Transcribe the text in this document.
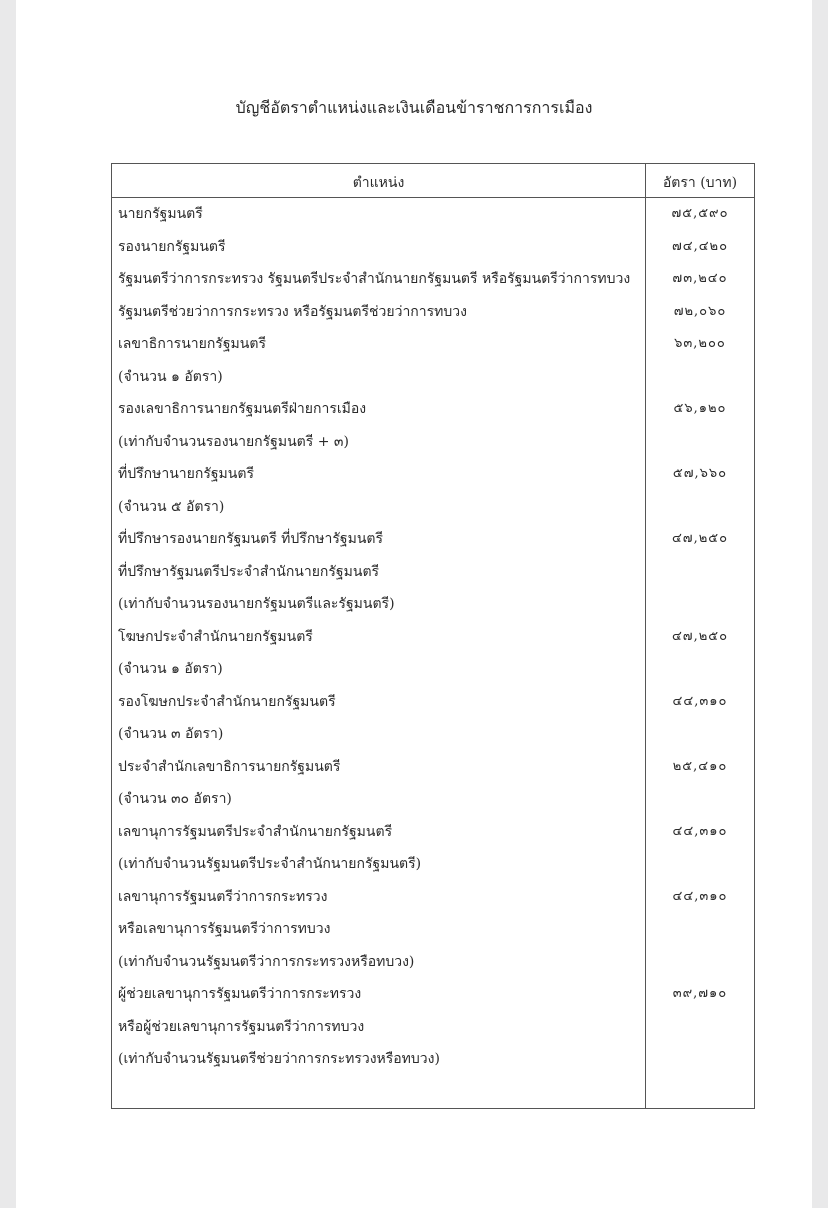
บัญชีอัตราตำแหน่งและเงินเดือนข้าราชการการเมือง
ตำแหน่ง	อัตรา (บาท)
นายกรัฐมนตรี	๗๕,๕๙๐
รองนายกรัฐมนตรี	๗๔,๔๒๐
รัฐมนตรีว่าการกระทรวง รัฐมนตรีประจำสำนักนายกรัฐมนตรี หรือรัฐมนตรีว่าการทบวง	๗๓,๒๔๐
รัฐมนตรีช่วยว่าการกระทรวง หรือรัฐมนตรีช่วยว่าการทบวง	๗๒,๐๖๐
เลขาธิการนายกรัฐมนตรี	๖๓,๒๐๐
(จำนวน ๑ อัตรา)
รองเลขาธิการนายกรัฐมนตรีฝ่ายการเมือง	๕๖,๑๒๐
(เท่ากับจำนวนรองนายกรัฐมนตรี + ๓)
ที่ปรึกษานายกรัฐมนตรี	๕๗,๖๖๐
(จำนวน ๕ อัตรา)
ที่ปรึกษารองนายกรัฐมนตรี ที่ปรึกษารัฐมนตรี	๔๗,๒๕๐
ที่ปรึกษารัฐมนตรีประจำสำนักนายกรัฐมนตรี
(เท่ากับจำนวนรองนายกรัฐมนตรีและรัฐมนตรี)
โฆษกประจำสำนักนายกรัฐมนตรี	๔๗,๒๕๐
(จำนวน ๑ อัตรา)
รองโฆษกประจำสำนักนายกรัฐมนตรี	๔๔,๓๑๐
(จำนวน ๓ อัตรา)
ประจำสำนักเลขาธิการนายกรัฐมนตรี	๒๕,๔๑๐
(จำนวน ๓๐ อัตรา)
เลขานุการรัฐมนตรีประจำสำนักนายกรัฐมนตรี	๔๔,๓๑๐
(เท่ากับจำนวนรัฐมนตรีประจำสำนักนายกรัฐมนตรี)
เลขานุการรัฐมนตรีว่าการกระทรวง	๔๔,๓๑๐
หรือเลขานุการรัฐมนตรีว่าการทบวง
(เท่ากับจำนวนรัฐมนตรีว่าการกระทรวงหรือทบวง)
ผู้ช่วยเลขานุการรัฐมนตรีว่าการกระทรวง	๓๙,๗๑๐
หรือผู้ช่วยเลขานุการรัฐมนตรีว่าการทบวง
(เท่ากับจำนวนรัฐมนตรีช่วยว่าการกระทรวงหรือทบวง)
